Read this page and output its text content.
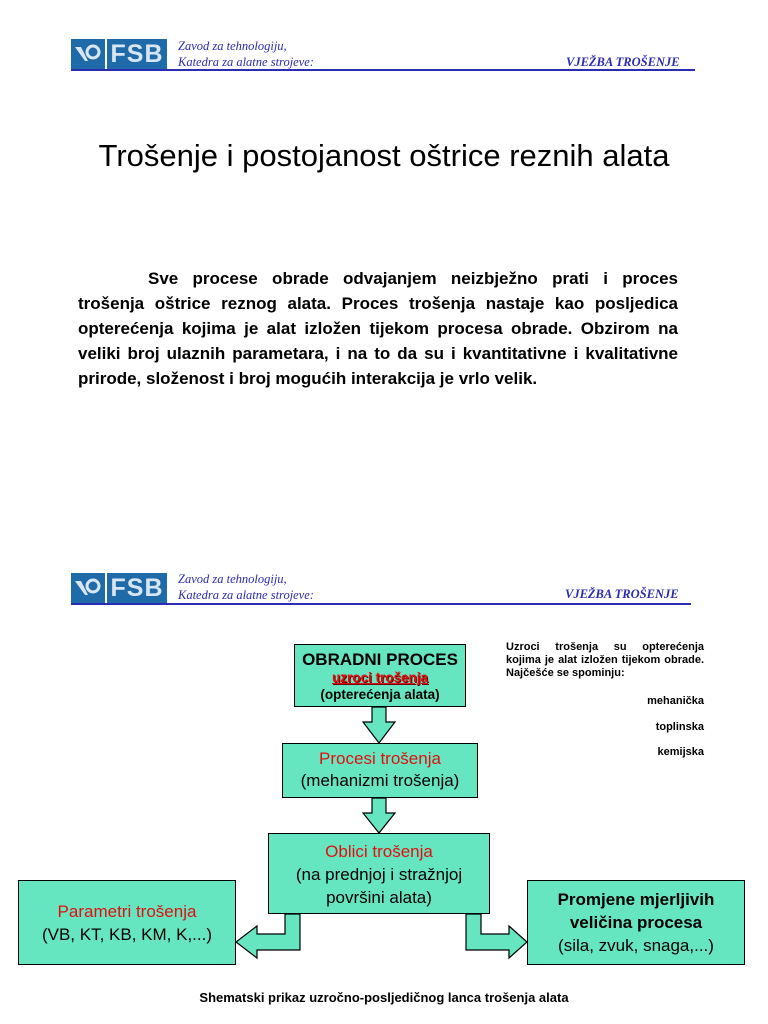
FSB Zavod za tehnologiju,
Katedra za alatne strojeve:	VJEŽBA TROŠENJE
Trošenje i postojanost oštrice reznih alata
Sve procese obrade odvajanjem neizbježno prati i proces trošenja oštrice reznog alata. Proces trošenja nastaje kao posljedica opterećenja kojima je alat izložen tijekom procesa obrade. Obzirom na veliki broj ulaznih parametara, i na to da su i kvantitativne i kvalitativne prirode, složenost i broj mogućih interakcija je vrlo velik.
FSB Zavod za tehnologiju,
Katedra za alatne strojeve:	VJEŽBA TROŠENJE
OBRADNI PROCES
uzroci trošenja
(opterećenja alata)
Procesi trošenja
(mehanizmi trošenja)
Oblici trošenja
(na prednjoj i stražnjoj
površini alata)
Parametri trošenja
(VB, KT, KB, KM, K,...)
Promjene mjerljivih
veličina procesa
(sila, zvuk, snaga,...)
Uzroci trošenja su opterećenja kojima je alat izložen tijekom obrade. Najčešće se spominju:
mehanička
toplinska
kemijska
Shematski prikaz uzročno-posljedičnog lanca trošenja alata
